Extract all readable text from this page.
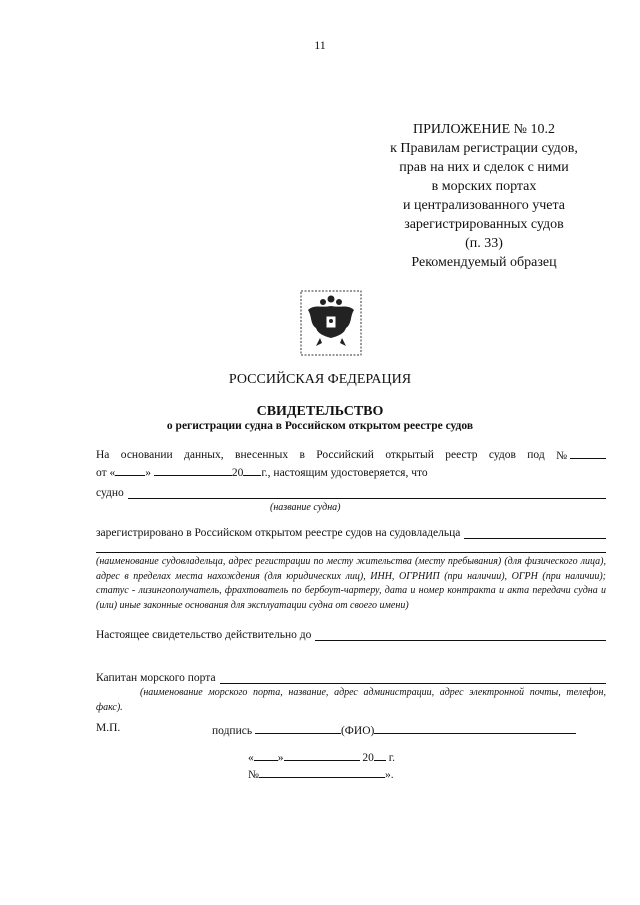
11
ПРИЛОЖЕНИЕ № 10.2
к Правилам регистрации судов,
прав на них и сделок с ними
в морских портах
и централизованного учета
зарегистрированных судов
(п. 33)
Рекомендуемый образец
РОССИЙСКАЯ ФЕДЕРАЦИЯ
СВИДЕТЕЛЬСТВО
о регистрации судна в Российском открытом реестре судов
На основании данных, внесенных в Российский открытый реестр судов под №
от «	»	20 г., настоящим удостоверяется, что
судно
(название судна)
зарегистрировано в Российском открытом реестре судов на судовладельца
(наименование судовладельца, адрес регистрации по месту жительства (месту пребывания) (для физического лица), адрес в пределах места нахождения (для юридических лиц), ИНН, ОГРНИП (при наличии), ОГРН (при наличии); статус - лизингополучатель, фрахтователь по бербоут-чартеру, дата и номер контракта и акта передачи судна и (или) иные законные основания для эксплуатации судна от своего имени)
Настоящее свидетельство действительно до
Капитан морского порта
(наименование морского порта, название, адрес администрации, адрес электронной почты, телефон, факс).
М.П.	подпись	(ФИО)
« »	20 г.
№	».
